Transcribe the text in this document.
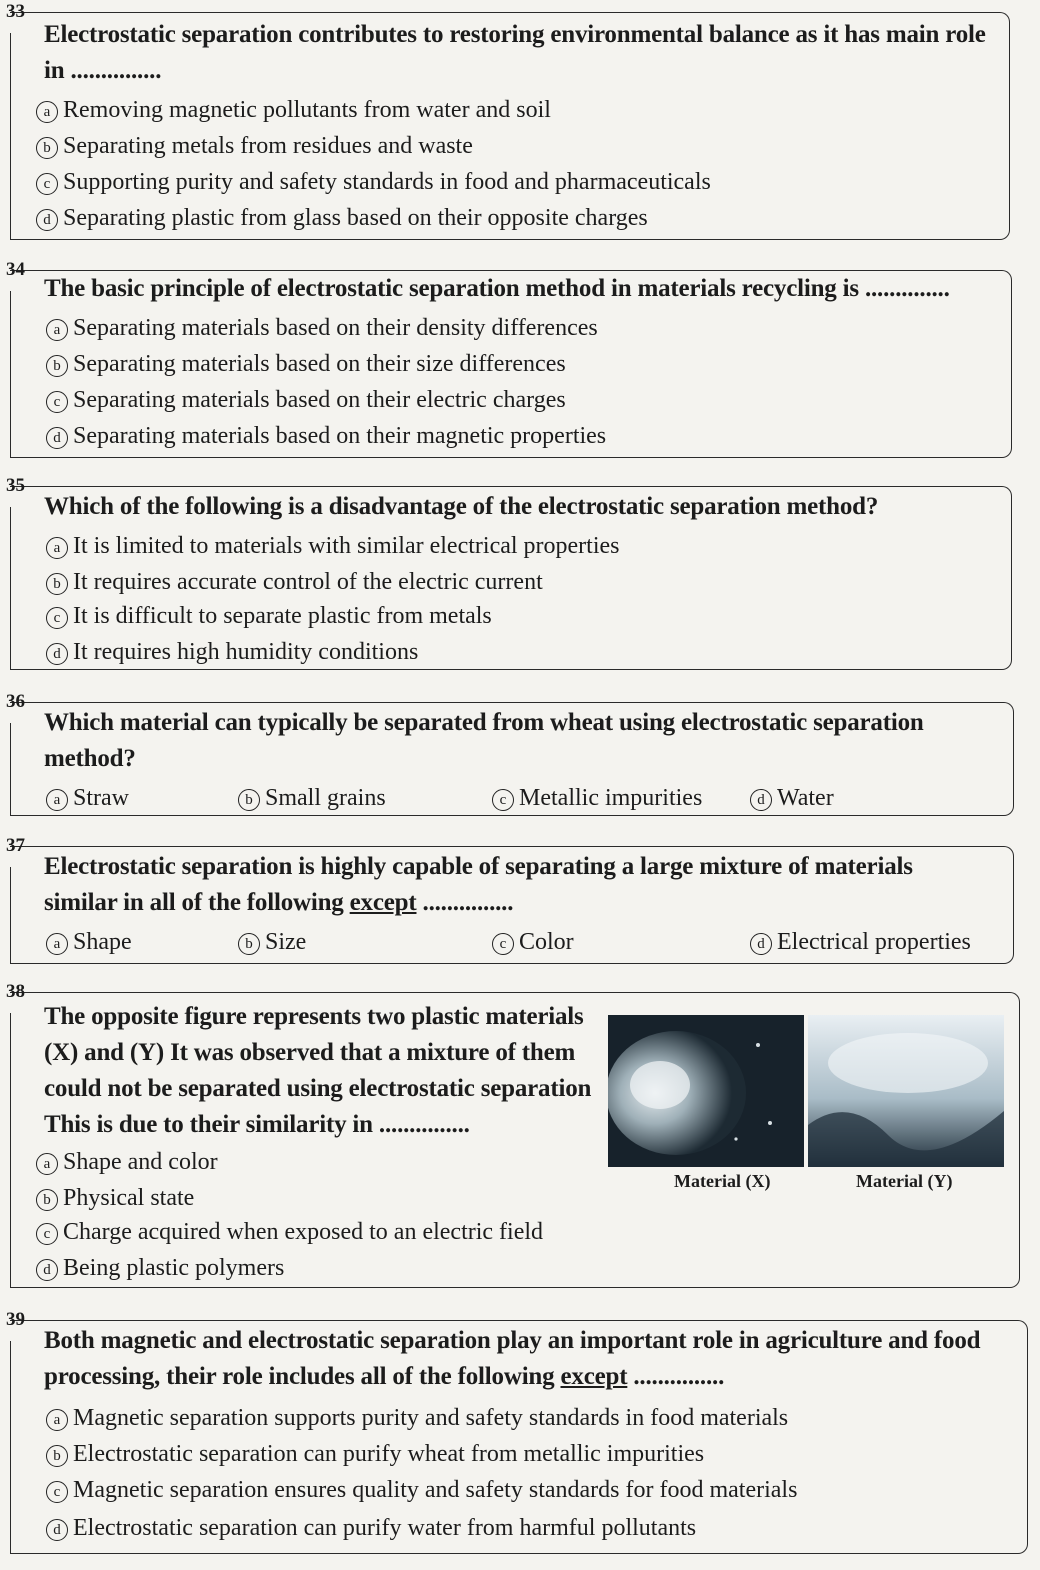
33
Electrostatic separation contributes to restoring environmental balance as it has main role in ...............
a Removing magnetic pollutants from water and soil
b Separating metals from residues and waste
c Supporting purity and safety standards in food and pharmaceuticals
d Separating plastic from glass based on their opposite charges
34
The basic principle of electrostatic separation method in materials recycling is ..............
a Separating materials based on their density differences
b Separating materials based on their size differences
c Separating materials based on their electric charges
d Separating materials based on their magnetic properties
35
Which of the following is a disadvantage of the electrostatic separation method?
a It is limited to materials with similar electrical properties
b It requires accurate control of the electric current
c It is difficult to separate plastic from metals
d It requires high humidity conditions
36
Which material can typically be separated from wheat using electrostatic separation method?
a Straw	b Small grains	c Metallic impurities	d Water
37
Electrostatic separation is highly capable of separating a large mixture of materials similar in all of the following except ...............
a Shape	b Size	c Color	d Electrical properties
38
The opposite figure represents two plastic materials (X) and (Y) It was observed that a mixture of them could not be separated using electrostatic separation This is due to their similarity in ...............
a Shape and color
b Physical state
c Charge acquired when exposed to an electric field
d Being plastic polymers
Material (X)	Material (Y)
39
Both magnetic and electrostatic separation play an important role in agriculture and food processing, their role includes all of the following except ...............
a Magnetic separation supports purity and safety standards in food materials
b Electrostatic separation can purify wheat from metallic impurities
c Magnetic separation ensures quality and safety standards for food materials
d Electrostatic separation can purify water from harmful pollutants
